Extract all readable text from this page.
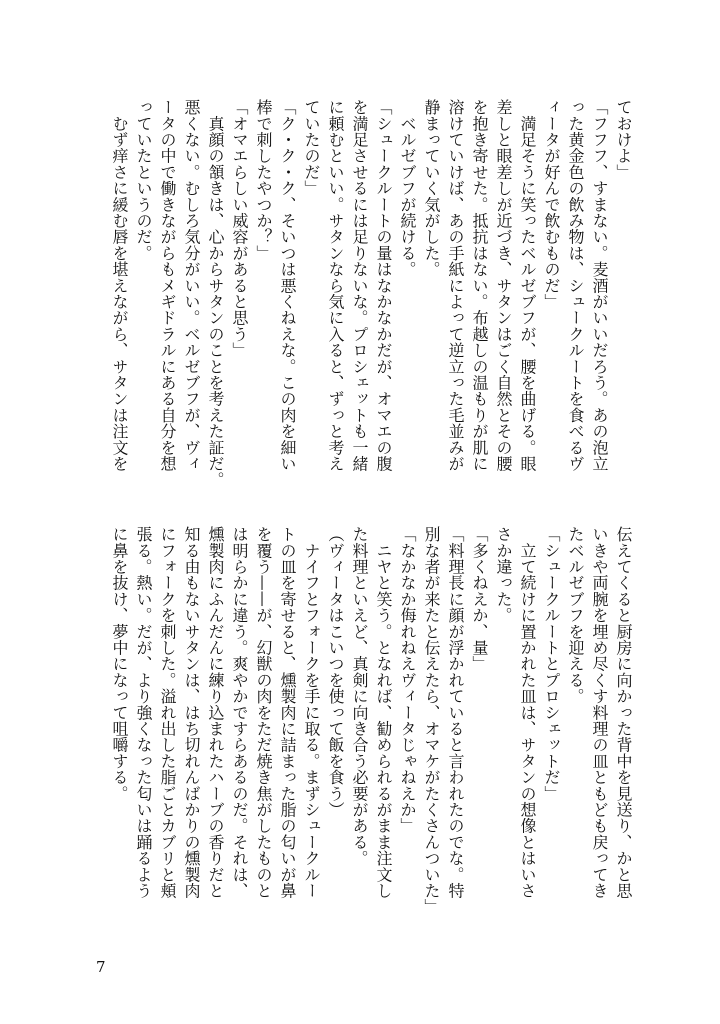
ておけよ」
「フフフ、すまない。麦酒がいいだろう。あの泡立
った黄金色の飲み物は、シュークルートを食べるヴ
ィータが好んで飲むものだ」
　満足そうに笑ったベルゼブフが、腰を曲げる。眼
差しと眼差しが近づき、サタンはごく自然とその腰
を抱き寄せた。抵抗はない。布越しの温もりが肌に
溶けていけば、あの手紙によって逆立った毛並みが
静まっていく気がした。
　ベルゼブフが続ける。
「シュークルートの量はなかなかだが、オマエの腹
を満足させるには足りないな。プロシェットも一緒
に頼むといい。サタンなら気に入ると、ずっと考え
ていたのだ」
「ク・ク・ク、そいつは悪くねえな。この肉を細い
棒で刺したやつか？」
「オマエらしい威容があると思う」
　真顔の頷きは、心からサタンのことを考えた証だ。
悪くない。むしろ気分がいい。ベルゼブフが、ヴィ
ータの中で働きながらもメギドラルにある自分を想
っていたというのだ。
　むず痒さに緩む唇を堪えながら、サタンは注文を
伝えてくると厨房に向かった背中を見送り、かと思
いきや両腕を埋め尽くす料理の皿ともども戻ってき
たベルゼブフを迎える。
「シュークルートとプロシェットだ」
　立て続けに置かれた皿は、サタンの想像とはいさ
さか違った。
「多くねえか、量」
「料理長に顔が浮かれていると言われたのでな。特
別な者が来たと伝えたら、オマケがたくさんついた」
「なかなか侮れねえヴィータじゃねえか」
　ニヤと笑う。となれば、勧められるがまま注文し
た料理といえど、真剣に向き合う必要がある。
（ヴィータはこいつを使って飯を食う）
　ナイフとフォークを手に取る。まずシュークルー
トの皿を寄せると、燻製肉に詰まった脂の匂いが鼻
を覆う——が、幻獣の肉をただ焼き焦がしたものと
は明らかに違う。爽やかですらあるのだ。それは、
燻製肉にふんだんに練り込まれたハーブの香りだと
知る由もないサタンは、はち切れんばかりの燻製肉
にフォークを刺した。溢れ出した脂ごとカブリと頬
張る。熱い。だが、より強くなった匂いは踊るよう
に鼻を抜け、夢中になって咀嚼する。
7
